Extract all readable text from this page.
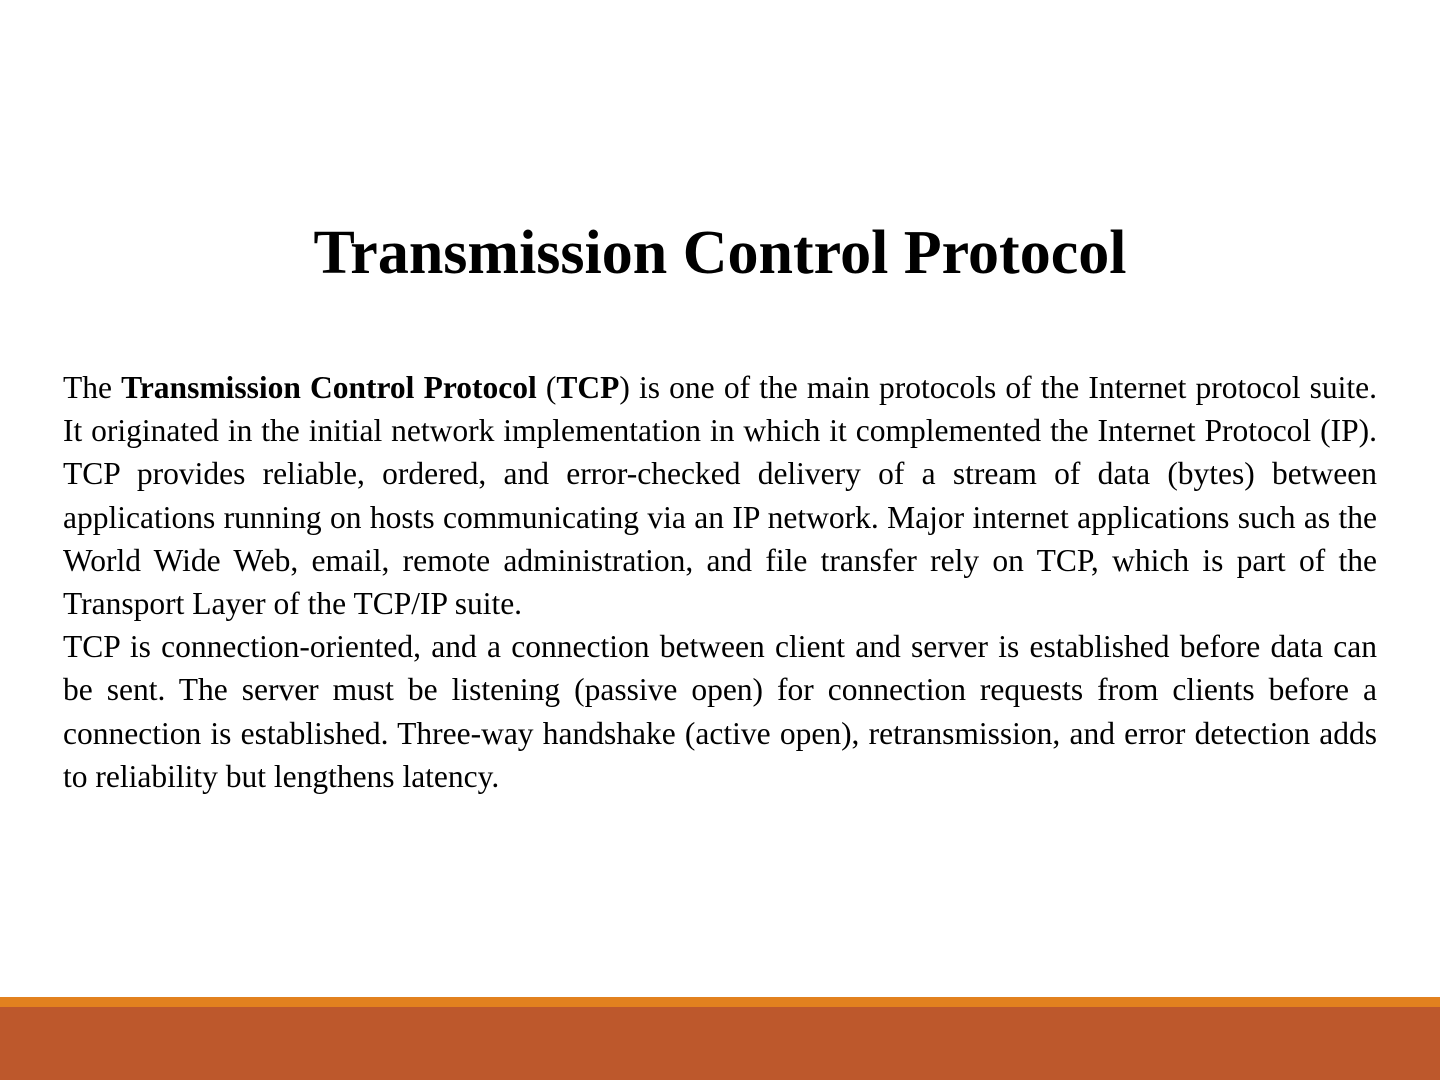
Transmission Control Protocol

The Transmission Control Protocol (TCP) is one of the main protocols of the Internet protocol suite. It originated in the initial network implementation in which it complemented the Internet Protocol (IP). TCP provides reliable, ordered, and error-checked delivery of a stream of data (bytes) between applications running on hosts communicating via an IP network. Major internet applications such as the World Wide Web, email, remote administration, and file transfer rely on TCP, which is part of the Transport Layer of the TCP/IP suite.

TCP is connection-oriented, and a connection between client and server is established before data can be sent. The server must be listening (passive open) for connection requests from clients before a connection is established. Three-way handshake (active open), retransmission, and error detection adds to reliability but lengthens latency.
